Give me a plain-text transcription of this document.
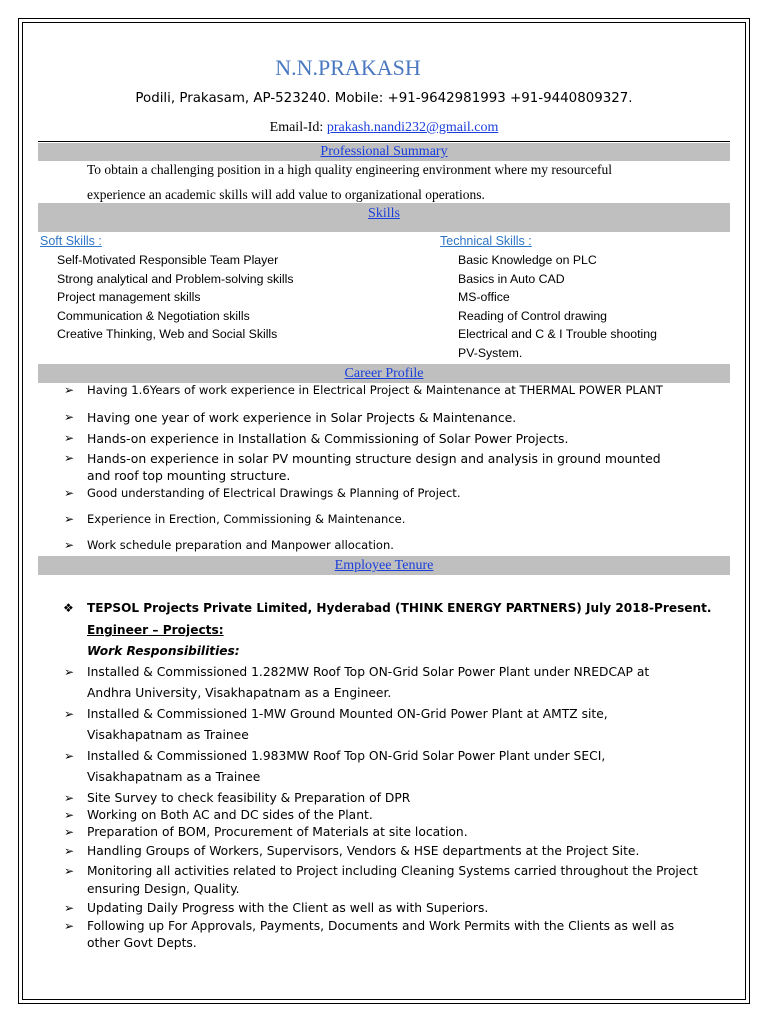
N.N.PRAKASH
Podili, Prakasam, AP-523240. Mobile: +91-9642981993 +91-9440809327.
Email-Id: prakash.nandi232@gmail.com
Professional Summary
To obtain a challenging position in a high quality engineering environment where my resourceful
experience an academic skills will add value to organizational operations.
Skills
Soft Skills :	Technical Skills :
Self-Motivated Responsible Team Player
Strong analytical and Problem-solving skills
Project management skills
Communication & Negotiation skills
Creative Thinking, Web and Social Skills
Basic Knowledge on PLC
Basics in Auto CAD
MS-office
Reading of Control drawing
Electrical and C & I Trouble shooting
PV-System.
Career Profile
➢ Having 1.6Years of work experience in Electrical Project & Maintenance at THERMAL POWER PLANT
➢ Having one year of work experience in Solar Projects & Maintenance.
➢ Hands-on experience in Installation & Commissioning of Solar Power Projects.
➢ Hands-on experience in solar PV mounting structure design and analysis in ground mounted
and roof top mounting structure.
➢ Good understanding of Electrical Drawings & Planning of Project.
➢ Experience in Erection, Commissioning & Maintenance.
➢ Work schedule preparation and Manpower allocation.
Employee Tenure
❖ TEPSOL Projects Private Limited, Hyderabad (THINK ENERGY PARTNERS) July 2018-Present.
Engineer – Projects:
Work Responsibilities:
➢ Installed & Commissioned 1.282MW Roof Top ON-Grid Solar Power Plant under NREDCAP at
Andhra University, Visakhapatnam as a Engineer.
➢ Installed & Commissioned 1-MW Ground Mounted ON-Grid Power Plant at AMTZ site,
Visakhapatnam as Trainee
➢ Installed & Commissioned 1.983MW Roof Top ON-Grid Solar Power Plant under SECI,
Visakhapatnam as a Trainee
➢ Site Survey to check feasibility & Preparation of DPR
➢ Working on Both AC and DC sides of the Plant.
➢ Preparation of BOM, Procurement of Materials at site location.
➢ Handling Groups of Workers, Supervisors, Vendors & HSE departments at the Project Site.
➢ Monitoring all activities related to Project including Cleaning Systems carried throughout the Project
ensuring Design, Quality.
➢ Updating Daily Progress with the Client as well as with Superiors.
➢ Following up For Approvals, Payments, Documents and Work Permits with the Clients as well as
other Govt Depts.
